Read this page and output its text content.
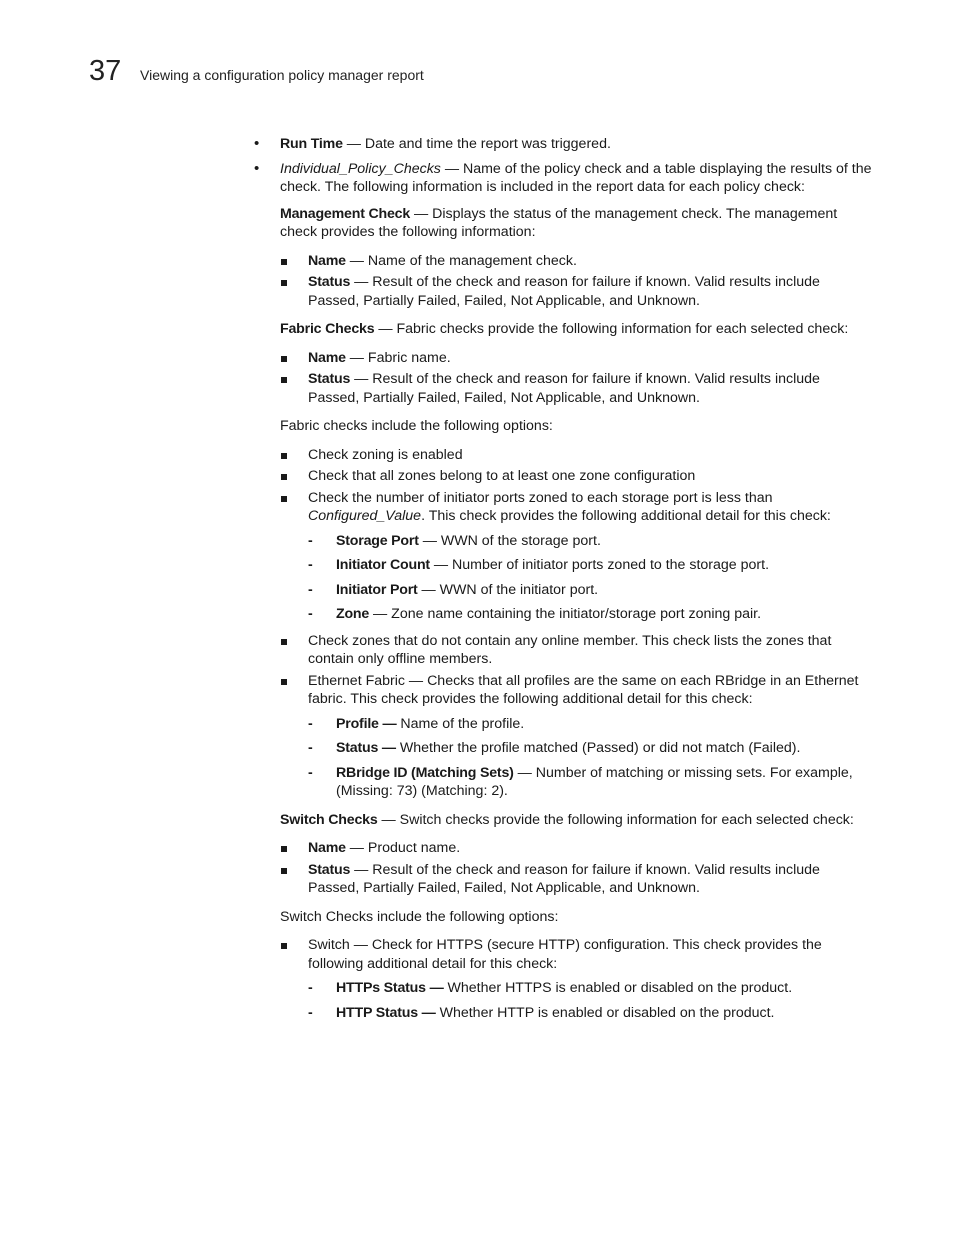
37 Viewing a configuration policy manager report
• Run Time — Date and time the report was triggered.
• Individual_Policy_Checks — Name of the policy check and a table displaying the results of the check. The following information is included in the report data for each policy check:
Management Check — Displays the status of the management check. The management check provides the following information:
Name — Name of the management check.
Status — Result of the check and reason for failure if known. Valid results include Passed, Partially Failed, Failed, Not Applicable, and Unknown.
Fabric Checks — Fabric checks provide the following information for each selected check:
Name — Fabric name.
Status — Result of the check and reason for failure if known. Valid results include Passed, Partially Failed, Failed, Not Applicable, and Unknown.
Fabric checks include the following options:
Check zoning is enabled
Check that all zones belong to at least one zone configuration
Check the number of initiator ports zoned to each storage port is less than Configured_Value. This check provides the following additional detail for this check:
- Storage Port — WWN of the storage port.
- Initiator Count — Number of initiator ports zoned to the storage port.
- Initiator Port — WWN of the initiator port.
- Zone — Zone name containing the initiator/storage port zoning pair.
Check zones that do not contain any online member. This check lists the zones that contain only offline members.
Ethernet Fabric — Checks that all profiles are the same on each RBridge in an Ethernet fabric. This check provides the following additional detail for this check:
- Profile — Name of the profile.
- Status — Whether the profile matched (Passed) or did not match (Failed).
- RBridge ID (Matching Sets) — Number of matching or missing sets. For example, (Missing: 73) (Matching: 2).
Switch Checks — Switch checks provide the following information for each selected check:
Name — Product name.
Status — Result of the check and reason for failure if known. Valid results include Passed, Partially Failed, Failed, Not Applicable, and Unknown.
Switch Checks include the following options:
Switch — Check for HTTPS (secure HTTP) configuration. This check provides the following additional detail for this check:
- HTTPs Status — Whether HTTPS is enabled or disabled on the product.
- HTTP Status — Whether HTTP is enabled or disabled on the product.
